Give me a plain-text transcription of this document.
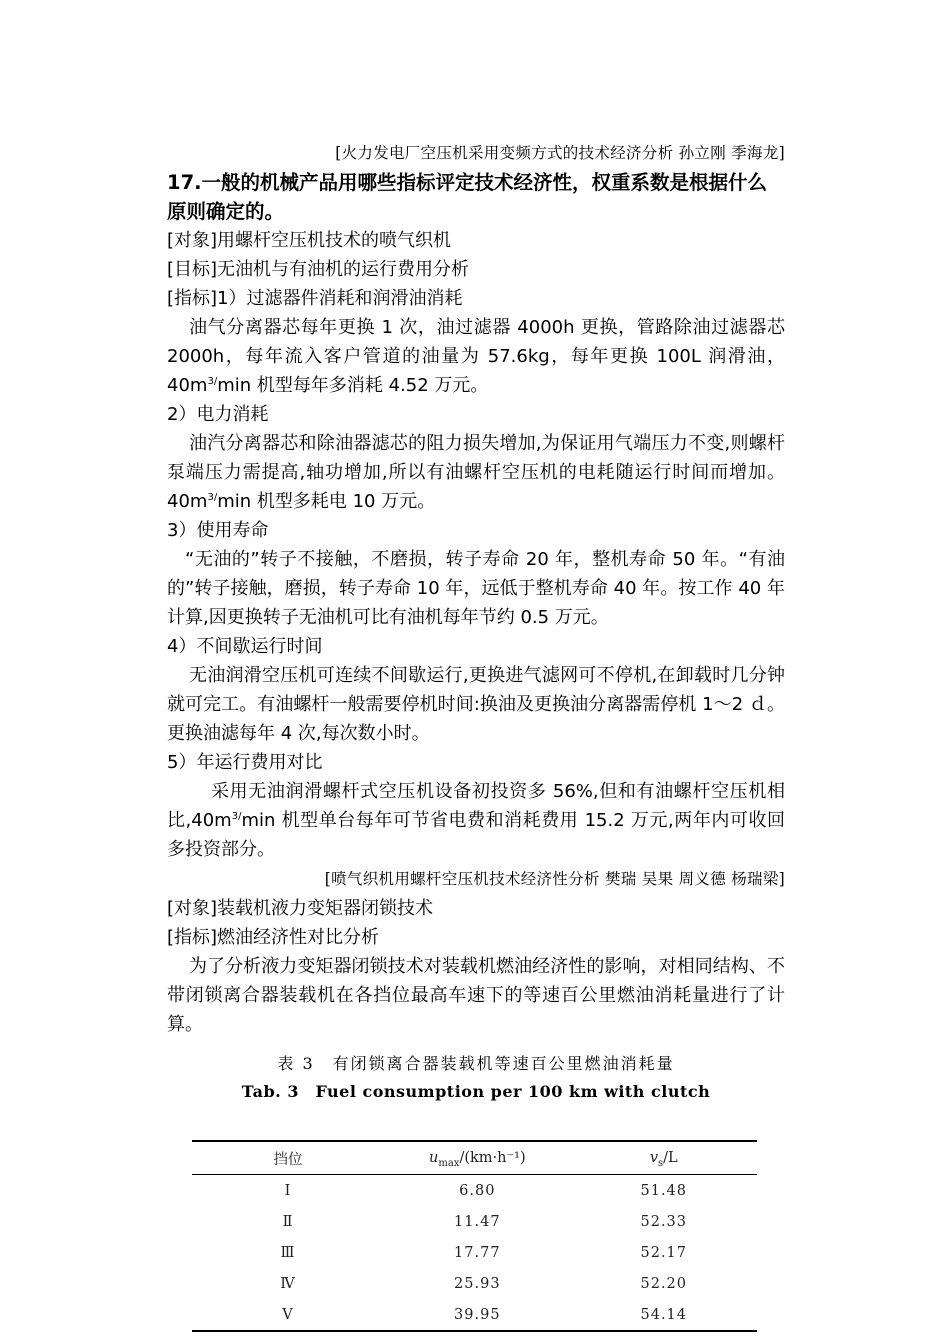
[火力发电厂空压机采用变频方式的技术经济分析 孙立刚 季海龙]

17.一般的机械产品用哪些指标评定技术经济性，权重系数是根据什么原则确定的。

[对象]用螺杆空压机技术的喷气织机

[目标]无油机与有油机的运行费用分析

[指标]1）过滤器件消耗和润滑油消耗

油气分离器芯每年更换 1 次，油过滤器 4000h 更换，管路除油过滤器芯 2000h，每年流入客户管道的油量为 57.6kg，每年更换 100L 润滑油，$40m^{3/}\min$ 机型每年多消耗 4.52 万元。

2）电力消耗

油汽分离器芯和除油器滤芯的阻力损失增加,为保证用气端压力不变,则螺杆泵端压力需提高,轴功增加,所以有油螺杆空压机的电耗随运行时间而增加。$40m^{3/}\min$ 机型多耗电 10 万元。

3）使用寿命

“无油的”转子不接触，不磨损，转子寿命 20 年，整机寿命 50 年。“有油的”转子接触，磨损，转子寿命 10 年，远低于整机寿命 40 年。按工作 40 年计算,因更换转子无油机可比有油机每年节约 0.5 万元。

4）不间歇运行时间

无油润滑空压机可连续不间歇运行,更换进气滤网可不停机,在卸载时几分钟就可完工。有油螺杆一般需要停机时间:换油及更换油分离器需停机 1～2 ｄ。更换油滤每年 4 次,每次数小时。

5）年运行费用对比

采用无油润滑螺杆式空压机设备初投资多 56%,但和有油螺杆空压机相比$,40m^{3/}\min$ 机型单台每年可节省电费和消耗费用 15.2 万元,两年内可收回多投资部分。

[喷气织机用螺杆空压机技术经济性分析 樊瑞 吴果 周义德 杨瑞梁]

[对象]装载机液力变矩器闭锁技术

[指标]燃油经济性对比分析

为了分析液力变矩器闭锁技术对装载机燃油经济性的影响，对相同结构、不带闭锁离合器装载机在各挡位最高车速下的等速百公里燃油消耗量进行了计算。

表 3　有闭锁离合器装载机等速百公里燃油消耗量
Tab. 3　Fuel consumption per 100 km with clutch
挡位	$u_{max}/(km\cdot h^{-1})$	$v_s/L$
Ⅰ	6.80	51.48
Ⅱ	11.47	52.33
Ⅲ	17.77	52.17
Ⅳ	25.93	52.20
Ⅴ	39.95	54.14
